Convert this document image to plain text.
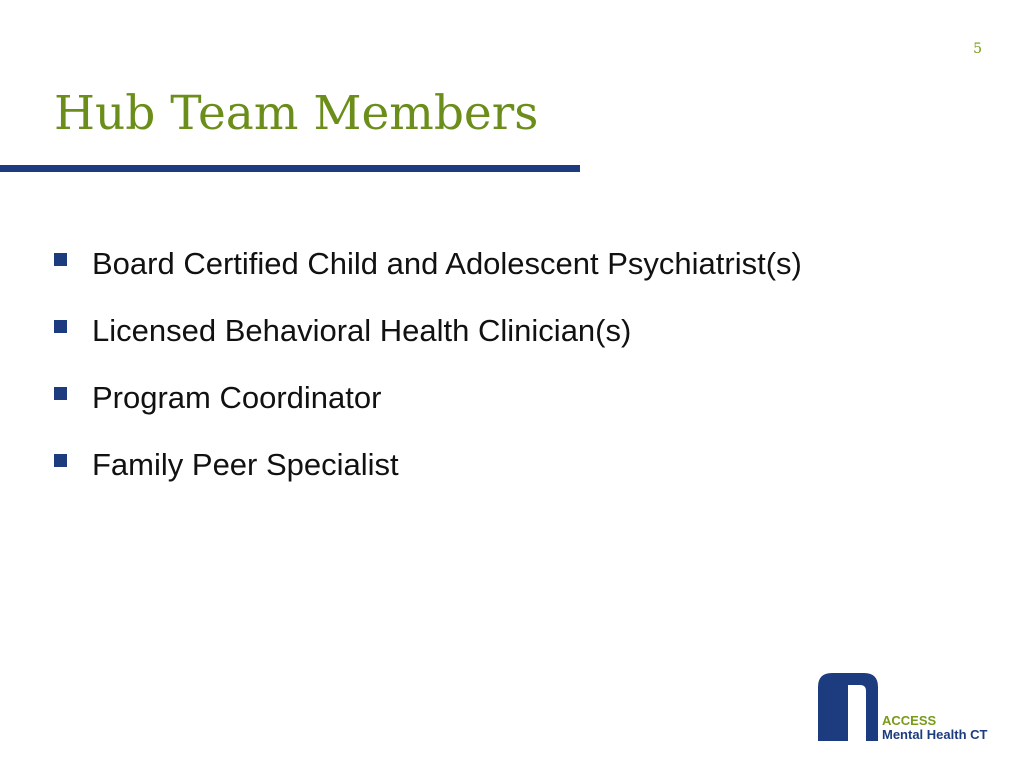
5
Hub Team Members
Board Certified Child and Adolescent Psychiatrist(s)
Licensed Behavioral Health Clinician(s)
Program Coordinator
Family Peer Specialist
ACCESS
Mental Health CT
